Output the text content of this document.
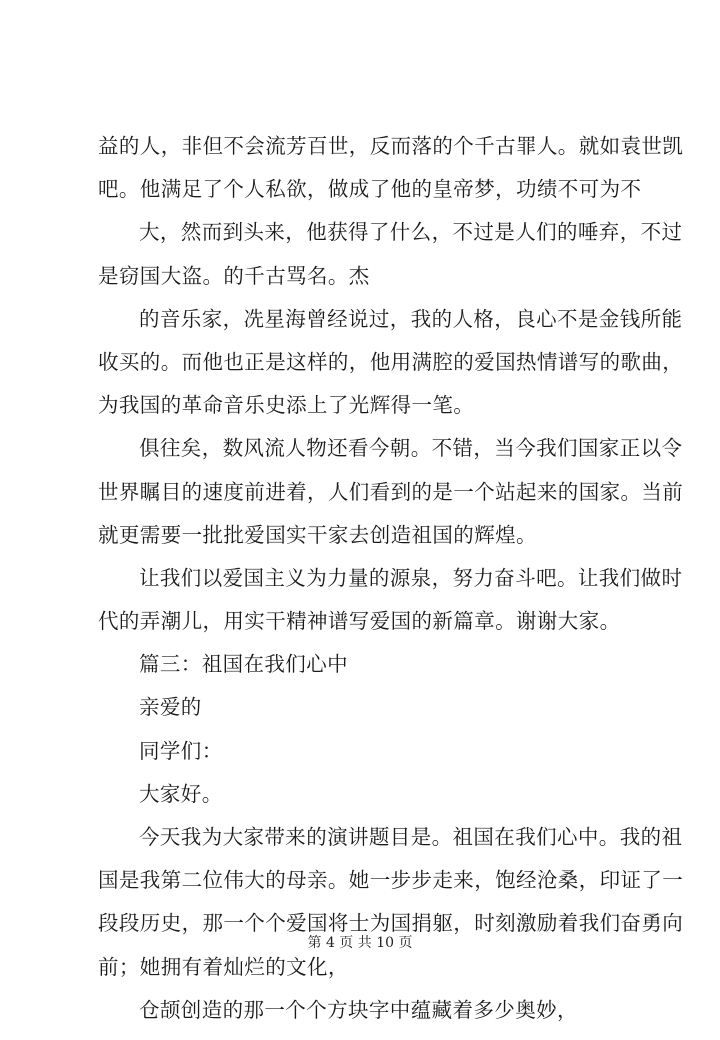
益的人，非但不会流芳百世，反而落的个千古罪人。就如袁世凯
吧。他满足了个人私欲，做成了他的皇帝梦，功绩不可为不
大，然而到头来，他获得了什么，不过是人们的唾弃，不过
是窃国大盗。的千古骂名。杰
的音乐家，冼星海曾经说过，我的人格，良心不是金钱所能
收买的。而他也正是这样的，他用满腔的爱国热情谱写的歌曲，
为我国的革命音乐史添上了光辉得一笔。
俱往矣，数风流人物还看今朝。不错，当今我们国家正以令
世界瞩目的速度前进着，人们看到的是一个站起来的国家。当前
就更需要一批批爱国实干家去创造祖国的辉煌。
让我们以爱国主义为力量的源泉，努力奋斗吧。让我们做时
代的弄潮儿，用实干精神谱写爱国的新篇章。谢谢大家。
篇三：祖国在我们心中
亲爱的
同学们：
大家好。
今天我为大家带来的演讲题目是。祖国在我们心中。我的祖
国是我第二位伟大的母亲。她一步步走来，饱经沧桑，印证了一
段段历史，那一个个爱国将士为国捐躯，时刻激励着我们奋勇向
前；她拥有着灿烂的文化，
仓颉创造的那一个个方块字中蕴藏着多少奥妙，
第 4 页 共 10 页
